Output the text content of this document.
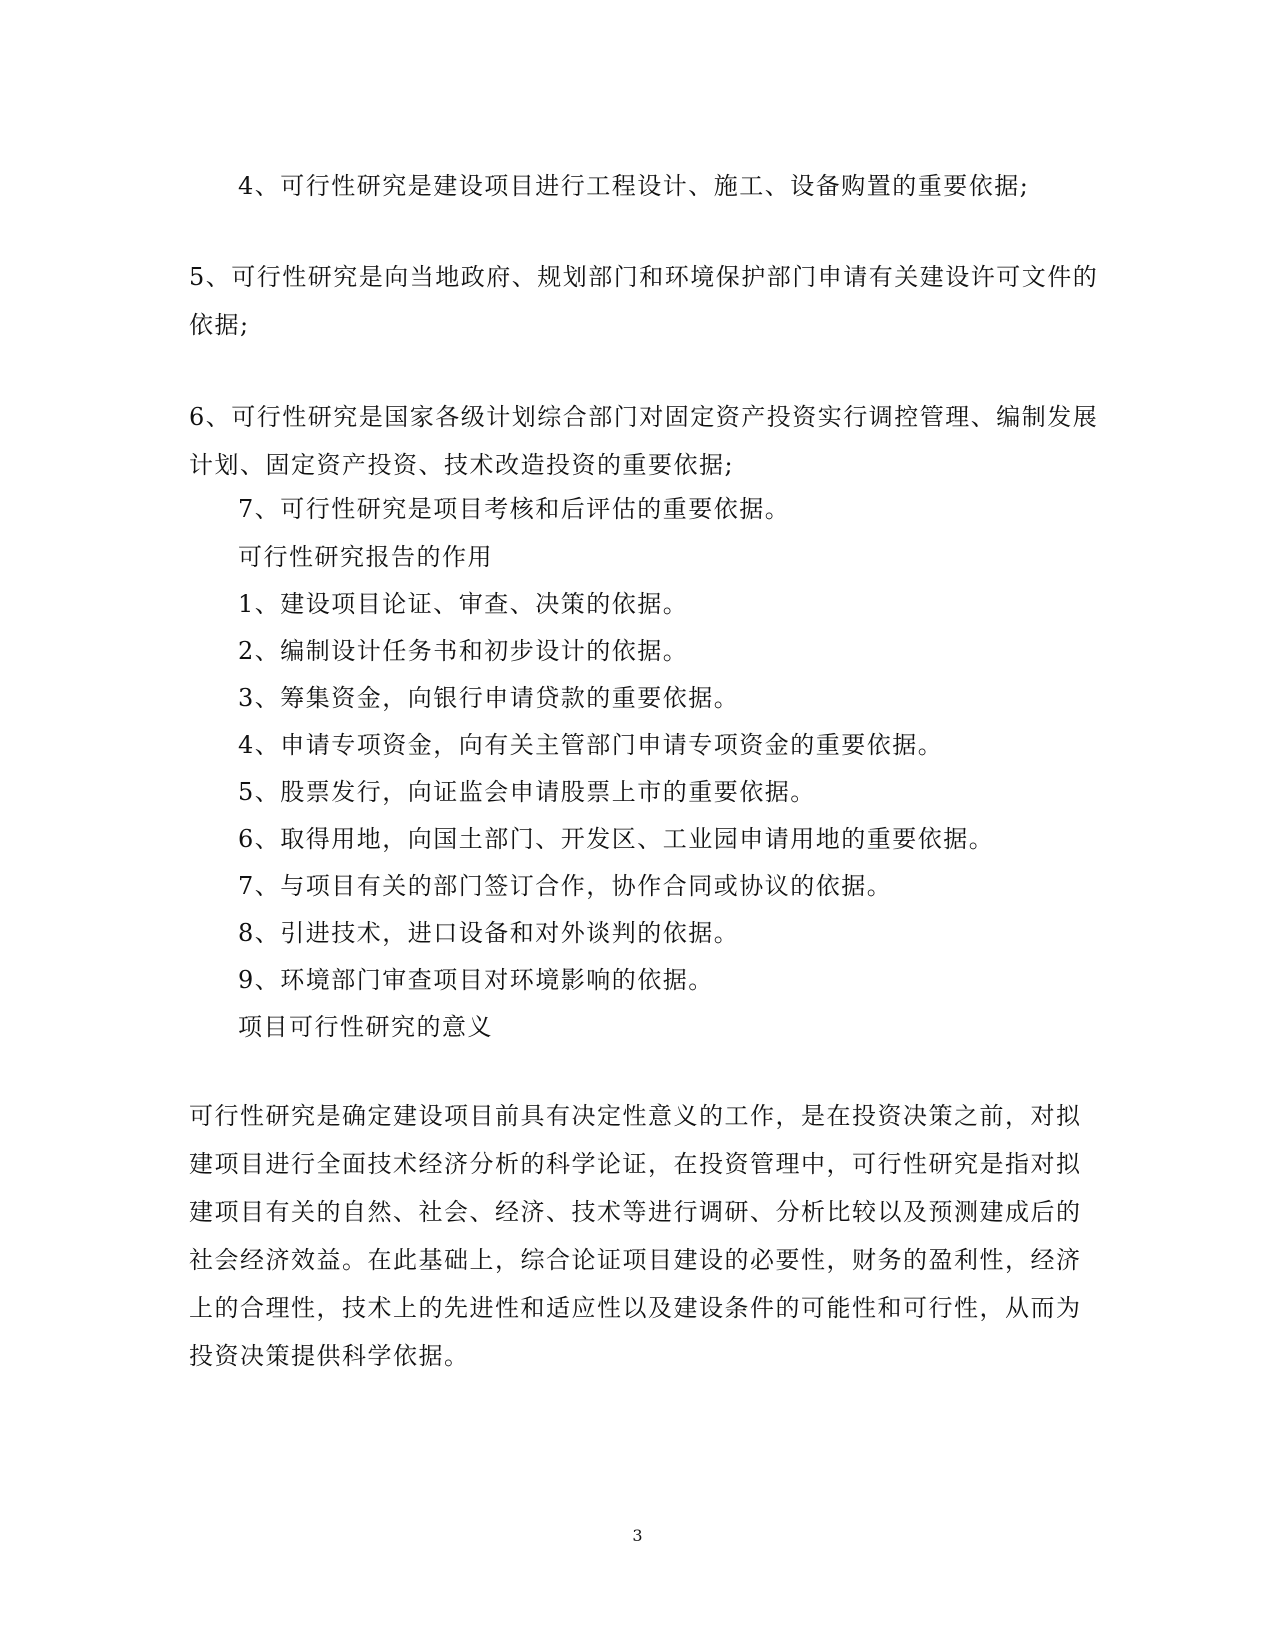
4、可行性研究是建设项目进行工程设计、施工、设备购置的重要依据;
5、可行性研究是向当地政府、规划部门和环境保护部门申请有关建设许可文件的
依据;
6、可行性研究是国家各级计划综合部门对固定资产投资实行调控管理、编制发展
计划、固定资产投资、技术改造投资的重要依据;
7、可行性研究是项目考核和后评估的重要依据。
可行性研究报告的作用
1、建设项目论证、审查、决策的依据。
2、编制设计任务书和初步设计的依据。
3、筹集资金，向银行申请贷款的重要依据。
4、申请专项资金，向有关主管部门申请专项资金的重要依据。
5、股票发行，向证监会申请股票上市的重要依据。
6、取得用地，向国土部门、开发区、工业园申请用地的重要依据。
7、与项目有关的部门签订合作，协作合同或协议的依据。
8、引进技术，进口设备和对外谈判的依据。
9、环境部门审查项目对环境影响的依据。
项目可行性研究的意义
可行性研究是确定建设项目前具有决定性意义的工作，是在投资决策之前，对拟
建项目进行全面技术经济分析的科学论证，在投资管理中，可行性研究是指对拟
建项目有关的自然、社会、经济、技术等进行调研、分析比较以及预测建成后的
社会经济效益。在此基础上，综合论证项目建设的必要性，财务的盈利性，经济
上的合理性，技术上的先进性和适应性以及建设条件的可能性和可行性，从而为
投资决策提供科学依据。
3
